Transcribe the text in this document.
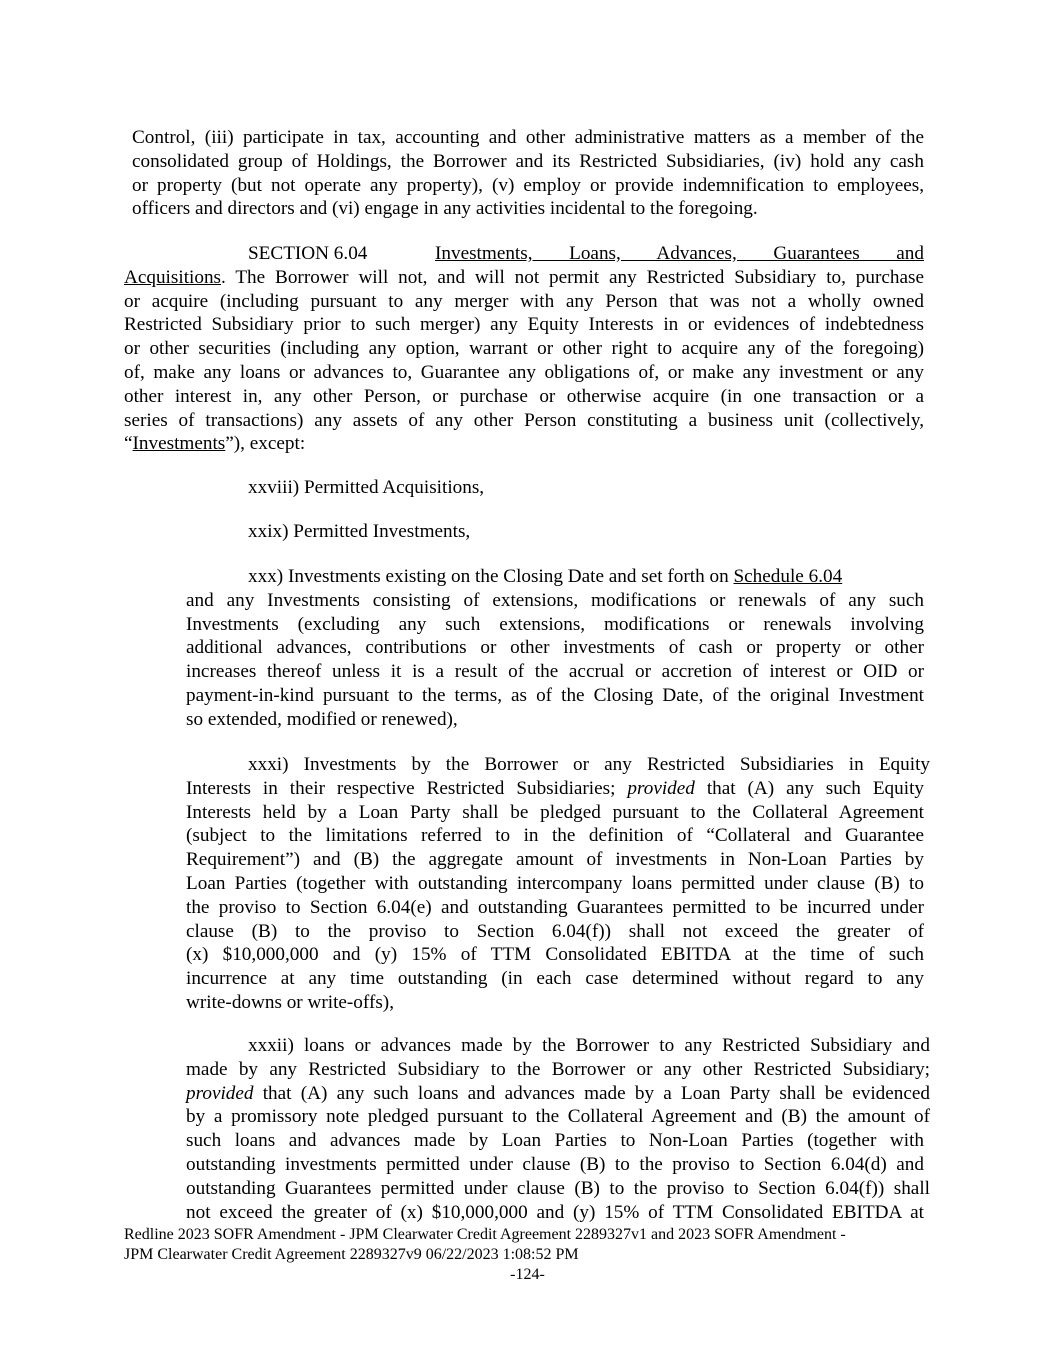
Control, (iii) participate in tax, accounting and other administrative matters as a member of the
consolidated group of Holdings, the Borrower and its Restricted Subsidiaries, (iv) hold any cash
or property (but not operate any property), (v) employ or provide indemnification to employees,
officers and directors and (vi) engage in any activities incidental to the foregoing.
SECTION 6.04	Investments, Loans, Advances, Guarantees and
Acquisitions. The Borrower will not, and will not permit any Restricted Subsidiary to, purchase
or acquire (including pursuant to any merger with any Person that was not a wholly owned
Restricted Subsidiary prior to such merger) any Equity Interests in or evidences of indebtedness
or other securities (including any option, warrant or other right to acquire any of the foregoing)
of, make any loans or advances to, Guarantee any obligations of, or make any investment or any
other interest in, any other Person, or purchase or otherwise acquire (in one transaction or a
series of transactions) any assets of any other Person constituting a business unit (collectively,
“Investments”), except:
xxviii) Permitted Acquisitions,
xxix) Permitted Investments,
xxx) Investments existing on the Closing Date and set forth on Schedule 6.04
and any Investments consisting of extensions, modifications or renewals of any such
Investments (excluding any such extensions, modifications or renewals involving
additional advances, contributions or other investments of cash or property or other
increases thereof unless it is a result of the accrual or accretion of interest or OID or
payment-in-kind pursuant to the terms, as of the Closing Date, of the original Investment
so extended, modified or renewed),
xxxi) Investments by the Borrower or any Restricted Subsidiaries in Equity
Interests in their respective Restricted Subsidiaries; provided that (A) any such Equity
Interests held by a Loan Party shall be pledged pursuant to the Collateral Agreement
(subject to the limitations referred to in the definition of “Collateral and Guarantee
Requirement”) and (B) the aggregate amount of investments in Non-Loan Parties by
Loan Parties (together with outstanding intercompany loans permitted under clause (B) to
the proviso to Section 6.04(e) and outstanding Guarantees permitted to be incurred under
clause (B) to the proviso to Section 6.04(f)) shall not exceed the greater of
(x) $10,000,000 and (y) 15% of TTM Consolidated EBITDA at the time of such
incurrence at any time outstanding (in each case determined without regard to any
write-downs or write-offs),
xxxii) loans or advances made by the Borrower to any Restricted Subsidiary and
made by any Restricted Subsidiary to the Borrower or any other Restricted Subsidiary;
provided that (A) any such loans and advances made by a Loan Party shall be evidenced
by a promissory note pledged pursuant to the Collateral Agreement and (B) the amount of
such loans and advances made by Loan Parties to Non-Loan Parties (together with
outstanding investments permitted under clause (B) to the proviso to Section 6.04(d) and
outstanding Guarantees permitted under clause (B) to the proviso to Section 6.04(f)) shall
not exceed the greater of (x) $10,000,000 and (y) 15% of TTM Consolidated EBITDA at
Redline 2023 SOFR Amendment - JPM Clearwater Credit Agreement 2289327v1 and 2023 SOFR Amendment -
JPM Clearwater Credit Agreement 2289327v9 06/22/2023 1:08:52 PM
-124-
